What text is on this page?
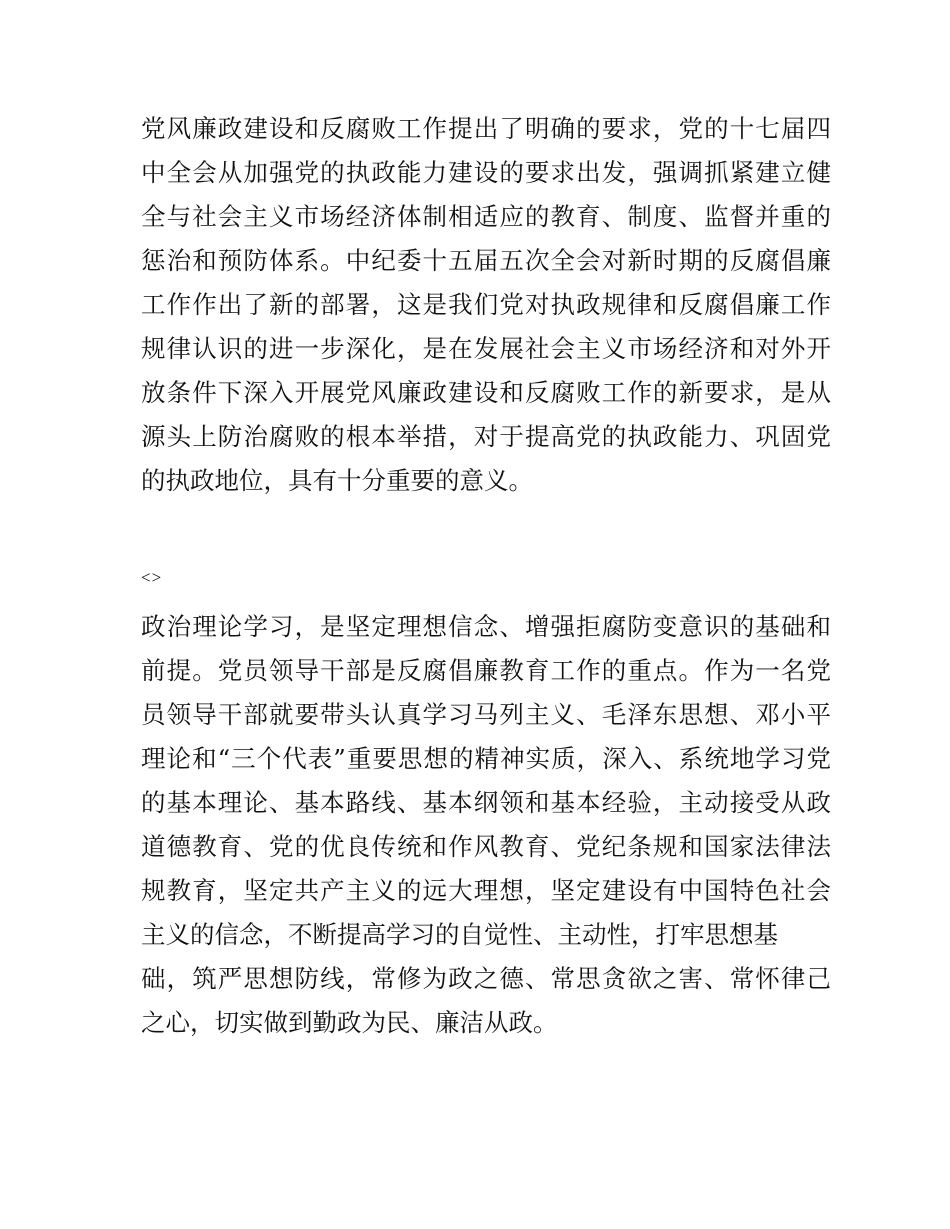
党风廉政建设和反腐败工作提出了明确的要求，党的十七届四
中全会从加强党的执政能力建设的要求出发，强调抓紧建立健
全与社会主义市场经济体制相适应的教育、制度、监督并重的
惩治和预防体系。中纪委十五届五次全会对新时期的反腐倡廉
工作作出了新的部署，这是我们党对执政规律和反腐倡廉工作
规律认识的进一步深化，是在发展社会主义市场经济和对外开
放条件下深入开展党风廉政建设和反腐败工作的新要求，是从
源头上防治腐败的根本举措，对于提高党的执政能力、巩固党
的执政地位，具有十分重要的意义。
<>
政治理论学习，是坚定理想信念、增强拒腐防变意识的基础和
前提。党员领导干部是反腐倡廉教育工作的重点。作为一名党
员领导干部就要带头认真学习马列主义、毛泽东思想、邓小平
理论和“三个代表”重要思想的精神实质，深入、系统地学习党
的基本理论、基本路线、基本纲领和基本经验，主动接受从政
道德教育、党的优良传统和作风教育、党纪条规和国家法律法
规教育，坚定共产主义的远大理想，坚定建设有中国特色社会
主义的信念，不断提高学习的自觉性、主动性，打牢思想基
础，筑严思想防线，常修为政之德、常思贪欲之害、常怀律己
之心，切实做到勤政为民、廉洁从政。
